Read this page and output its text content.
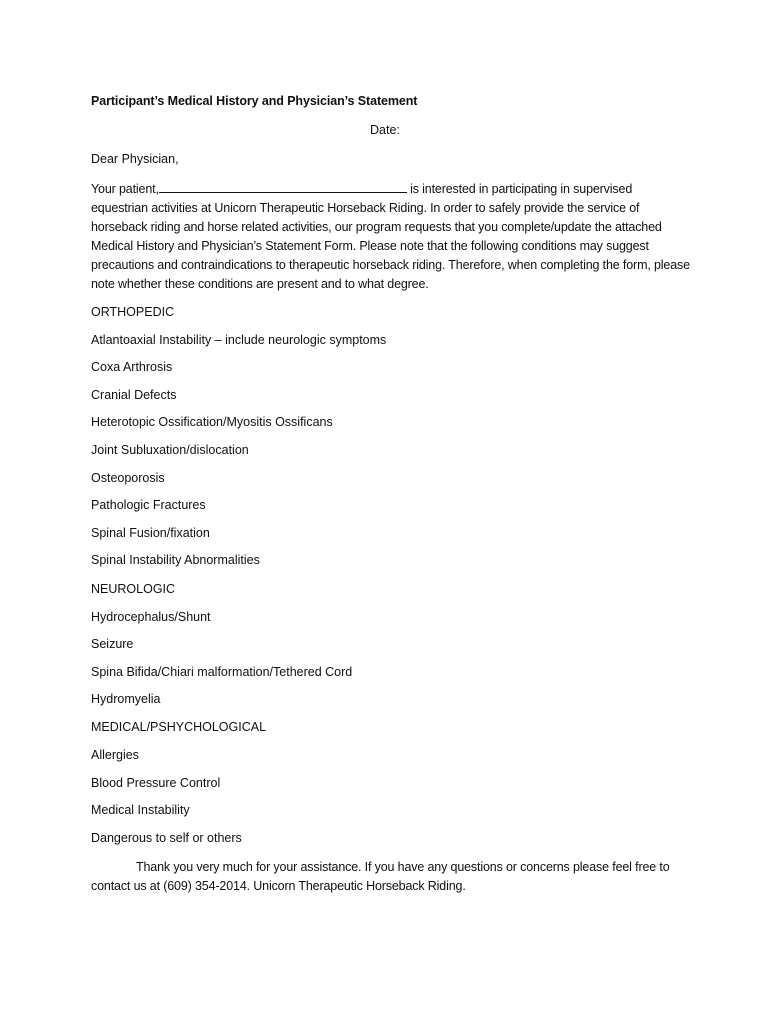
Participant’s Medical History and Physician’s Statement
Date:
Dear Physician,
Your patient,	is interested in participating in supervised equestrian activities at Unicorn Therapeutic Horseback Riding. In order to safely provide the service of horseback riding and horse related activities, our program requests that you complete/update the attached Medical History and Physician’s Statement Form. Please note that the following conditions may suggest precautions and contraindications to therapeutic horseback riding. Therefore, when completing the form, please note whether these conditions are present and to what degree.
ORTHOPEDIC
Atlantoaxial Instability – include neurologic symptoms
Coxa Arthrosis
Cranial Defects
Heterotopic Ossification/Myositis Ossificans
Joint Subluxation/dislocation
Osteoporosis
Pathologic Fractures
Spinal Fusion/fixation
Spinal Instability Abnormalities
NEUROLOGIC
Hydrocephalus/Shunt
Seizure
Spina Bifida/Chiari malformation/Tethered Cord
Hydromyelia
MEDICAL/PSHYCHOLOGICAL
Allergies
Blood Pressure Control
Medical Instability
Dangerous to self or others
Thank you very much for your assistance. If you have any questions or concerns please feel free to contact us at (609) 354-2014. Unicorn Therapeutic Horseback Riding.
